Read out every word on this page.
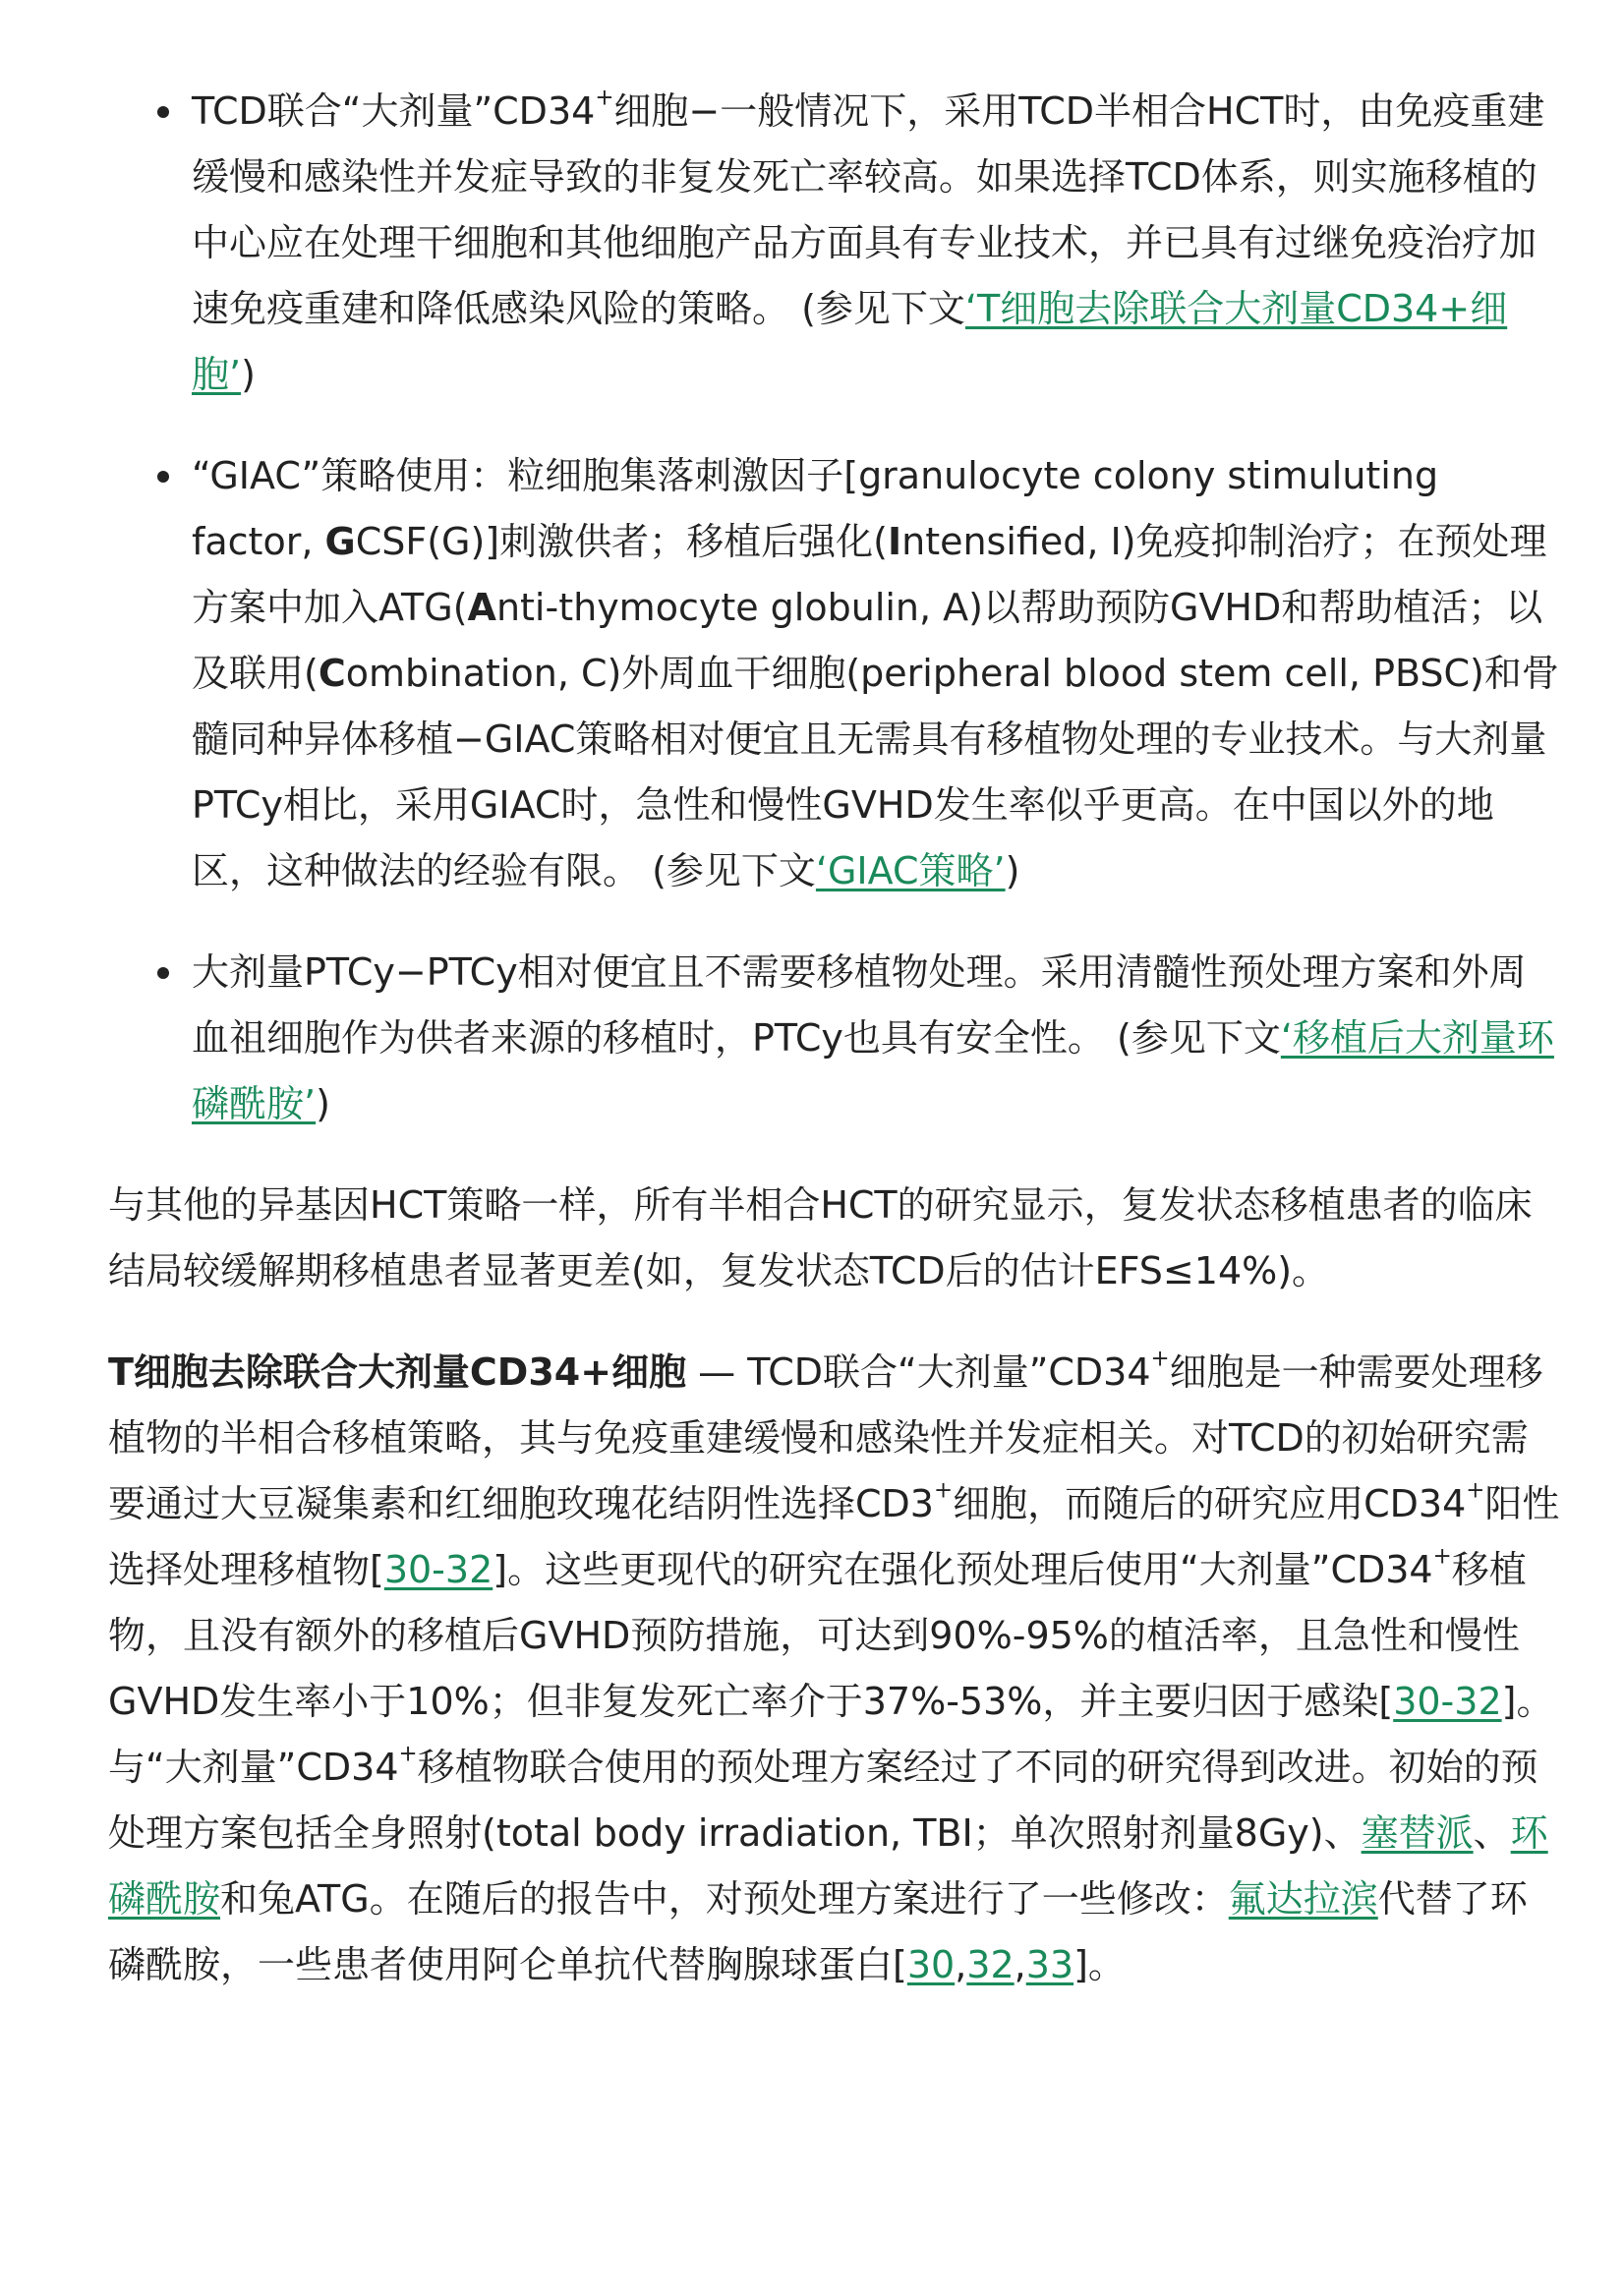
TCD联合“大剂量”CD34+细胞−一般情况下，采用TCD半相合HCT时，由免疫重建缓慢和感染性并发症导致的非复发死亡率较高。如果选择TCD体系，则实施移植的中心应在处理干细胞和其他细胞产品方面具有专业技术，并已具有过继免疫治疗加速免疫重建和降低感染风险的策略。 (参见下文‘T细胞去除联合大剂量CD34+细胞’)
“GIAC”策略使用：粒细胞集落刺激因子[granulocyte colony stimuluting factor, GCSF(G)]刺激供者；移植后强化(Intensified, I)免疫抑制治疗；在预处理方案中加入ATG(Anti-thymocyte globulin, A)以帮助预防GVHD和帮助植活；以及联用(Combination, C)外周血干细胞(peripheral blood stem cell, PBSC)和骨髓同种异体移植−GIAC策略相对便宜且无需具有移植物处理的专业技术。与大剂量PTCy相比，采用GIAC时，急性和慢性GVHD发生率似乎更高。在中国以外的地区，这种做法的经验有限。 (参见下文‘GIAC策略’)
大剂量PTCy−PTCy相对便宜且不需要移植物处理。采用清髓性预处理方案和外周血祖细胞作为供者来源的移植时，PTCy也具有安全性。 (参见下文‘移植后大剂量环磷酰胺’)

与其他的异基因HCT策略一样，所有半相合HCT的研究显示，复发状态移植患者的临床结局较缓解期移植患者显著更差(如，复发状态TCD后的估计EFS≤14%)。

T细胞去除联合大剂量CD34+细胞 — TCD联合“大剂量”CD34+细胞是一种需要处理移植物的半相合移植策略，其与免疫重建缓慢和感染性并发症相关。对TCD的初始研究需要通过大豆凝集素和红细胞玫瑰花结阴性选择CD3+细胞，而随后的研究应用CD34+阳性选择处理移植物[30-32]。这些更现代的研究在强化预处理后使用“大剂量”CD34+移植物，且没有额外的移植后GVHD预防措施，可达到90%-95%的植活率，且急性和慢性GVHD发生率小于10%；但非复发死亡率介于37%-53%，并主要归因于感染[30-32]。与“大剂量”CD34+移植物联合使用的预处理方案经过了不同的研究得到改进。初始的预处理方案包括全身照射(total body irradiation, TBI；单次照射剂量8Gy)、塞替派、环磷酰胺和兔ATG。在随后的报告中，对预处理方案进行了一些修改：氟达拉滨代替了环磷酰胺，一些患者使用阿仑单抗代替胸腺球蛋白[30,32,33]。
